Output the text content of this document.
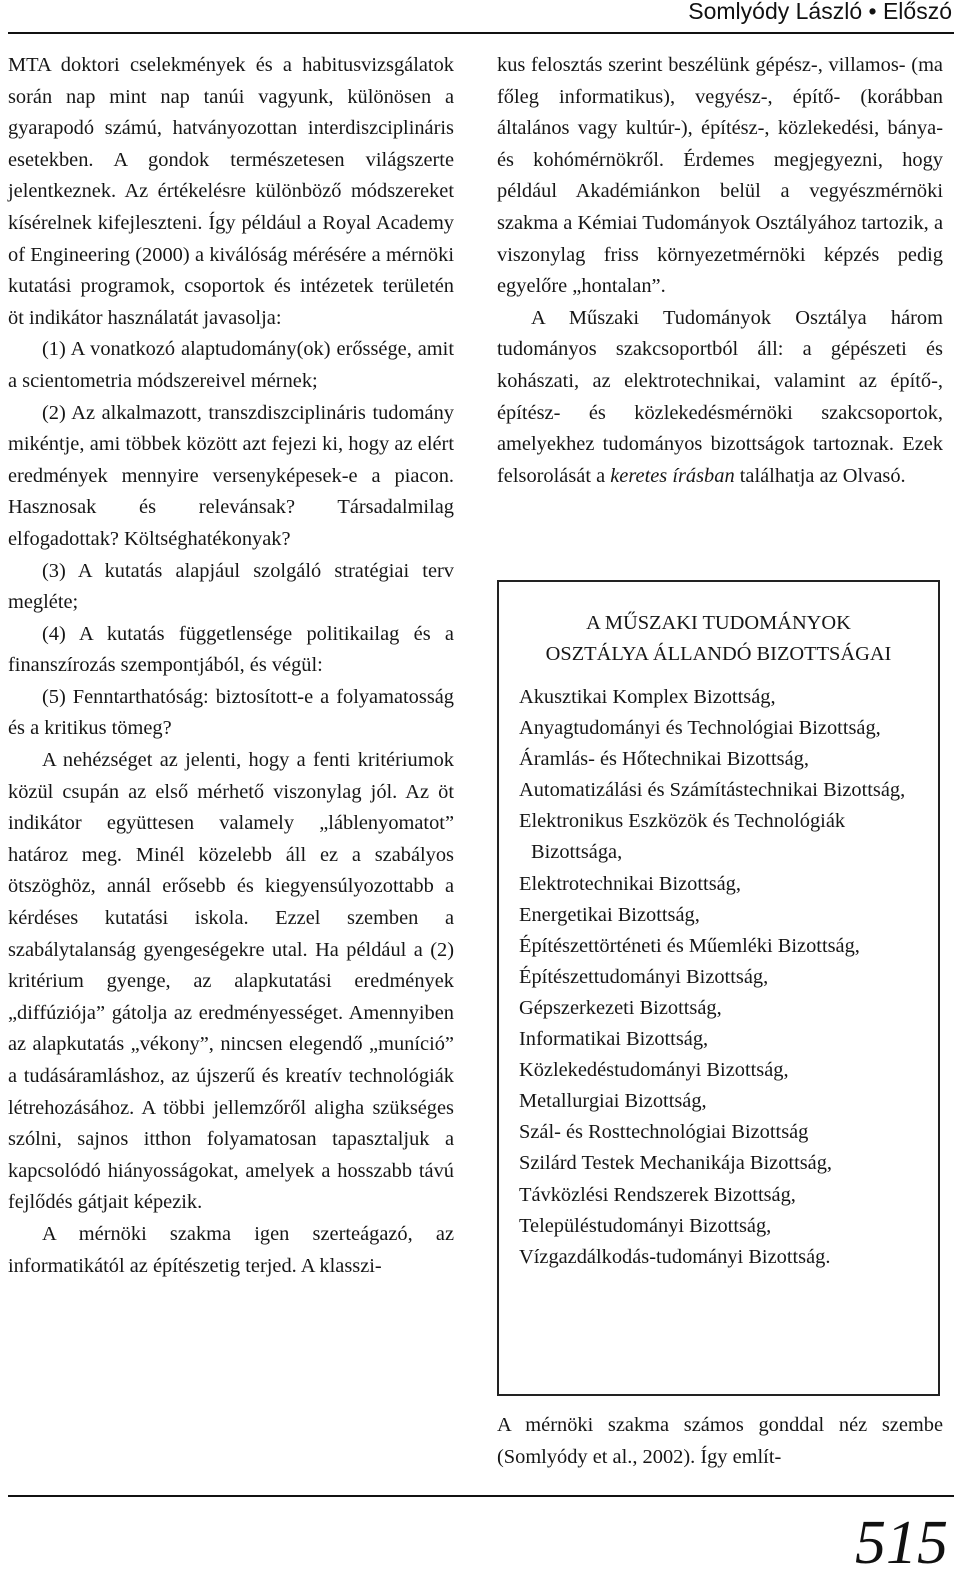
Somlyódy László • Előszó

MTA doktori cselekmények és a habitusvizsgálatok során nap mint nap tanúi vagyunk, különösen a gyarapodó számú, hatványozottan interdiszciplináris esetekben. A gondok természetesen világszerte jelentkeznek. Az értékelésre különböző módszereket kísérelnek kifejleszteni. Így például a Royal Academy of Engineering (2000) a kiválóság mérésére a mérnöki kutatási programok, csoportok és intézetek területén öt indikátor használatát javasolja:

(1) A vonatkozó alaptudomány(ok) erőssége, amit a scientometria módszereivel mérnek;

(2) Az alkalmazott, transzdiszciplináris tudomány mikéntje, ami többek között azt fejezi ki, hogy az elért eredmények mennyire versenyképesek-e a piacon. Hasznosak és relevánsak? Társadalmilag elfogadottak? Költséghatékonyak?

(3) A kutatás alapjául szolgáló stratégiai terv megléte;

(4) A kutatás függetlensége politikailag és a finanszírozás szempontjából, és végül:

(5) Fenntarthatóság: biztosított-e a folyamatosság és a kritikus tömeg?

A nehézséget az jelenti, hogy a fenti kritériumok közül csupán az első mérhető viszonylag jól. Az öt indikátor együttesen valamely „láblenyomatot” határoz meg. Minél közelebb áll ez a szabályos ötszöghöz, annál erősebb és kiegyensúlyozottabb a kérdéses kutatási iskola. Ezzel szemben a szabálytalanság gyengeségekre utal. Ha például a (2) kritérium gyenge, az alapkutatási eredmények „diffúziója” gátolja az eredményességet. Amennyiben az alapkutatás „vékony”, nincsen elegendő „muníció” a tudásáramláshoz, az újszerű és kreatív technológiák létrehozásához. A többi jellemzőről aligha szükséges szólni, sajnos itthon folyamatosan tapasztaljuk a kapcsolódó hiányosságokat, amelyek a hosszabb távú fejlődés gátjait képezik.

A mérnöki szakma igen szerteágazó, az informatikától az építészetig terjed. A klasszi-

kus felosztás szerint beszélünk gépész-, villamos- (ma főleg informatikus), vegyész-, építő- (korábban általános vagy kultúr-), építész-, közlekedési, bánya- és kohómérnökről. Érdemes megjegyezni, hogy például Akadémiánkon belül a vegyészmérnöki szakma a Kémiai Tudományok Osztályához tartozik, a viszonylag friss környezetmérnöki képzés pedig egyelőre „hontalan”.

A Műszaki Tudományok Osztálya három tudományos szakcsoportból áll: a gépészeti és kohászati, az elektrotechnikai, valamint az építő-, építész- és közlekedésmérnöki szakcsoportok, amelyekhez tudományos bizottságok tartoznak. Ezek felsorolását a keretes írásban találhatja az Olvasó.

A MŰSZAKI TUDOMÁNYOK
OSZTÁLYA ÁLLANDÓ BIZOTTSÁGAI
Akusztikai Komplex Bizottság,
Anyagtudományi és Technológiai Bizottság,
Áramlás- és Hőtechnikai Bizottság,
Automatizálási és Számítástechnikai Bizottság,
Elektronikus Eszközök és Technológiák Bizottsága,
Elektrotechnikai Bizottság,
Energetikai Bizottság,
Építészettörténeti és Műemléki Bizottság,
Építészettudományi Bizottság,
Gépszerkezeti Bizottság,
Informatikai Bizottság,
Közlekedéstudományi Bizottság,
Metallurgiai Bizottság,
Szál- és Rosttechnológiai Bizottság
Szilárd Testek Mechanikája Bizottság,
Távközlési Rendszerek Bizottság,
Településtudományi Bizottság,
Vízgazdálkodás-tudományi Bizottság.

A mérnöki szakma számos gonddal néz szembe (Somlyódy et al., 2002). Így említ-

515
